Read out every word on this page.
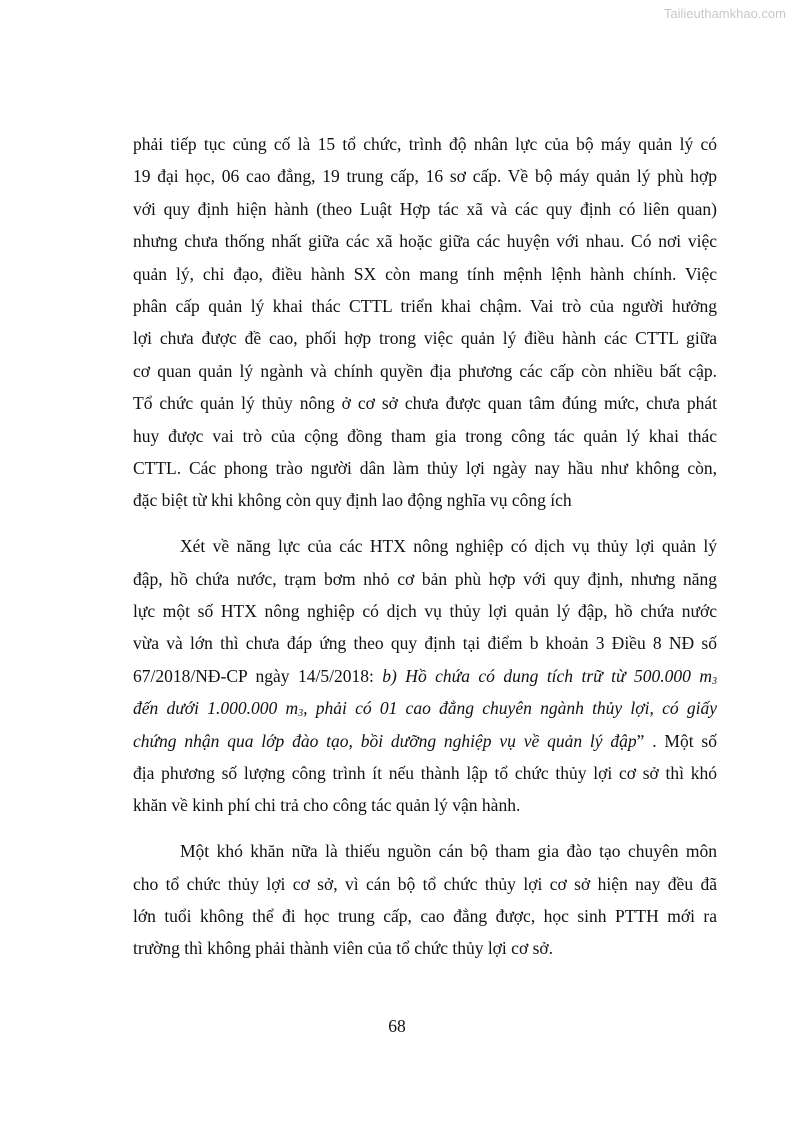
Tailieuthamkhao.com
phải tiếp tục củng cố là 15 tổ chức, trình độ nhân lực của bộ máy quản lý có
19 đại học, 06 cao đẳng, 19 trung cấp, 16 sơ cấp. Về bộ máy quản lý phù hợp
với quy định hiện hành (theo Luật Hợp tác xã và các quy định có liên quan)
nhưng chưa thống nhất giữa các xã hoặc giữa các huyện với nhau. Có nơi việc
quản lý, chỉ đạo, điều hành SX còn mang tính mệnh lệnh hành chính. Việc
phân cấp quản lý khai thác CTTL triển khai chậm. Vai trò của người hưởng
lợi chưa được đề cao, phối hợp trong việc quản lý điều hành các CTTL giữa
cơ quan quản lý ngành và chính quyền địa phương các cấp còn nhiều bất cập.
Tổ chức quản lý thủy nông ở cơ sở chưa được quan tâm đúng mức, chưa phát
huy được vai trò của cộng đồng tham gia trong công tác quản lý khai thác
CTTL. Các phong trào người dân làm thủy lợi ngày nay hầu như không còn,
đặc biệt từ khi không còn quy định lao động nghĩa vụ công ích
Xét về năng lực của các HTX nông nghiệp có dịch vụ thủy lợi quản lý
đập, hồ chứa nước, trạm bơm nhỏ cơ bản phù hợp với quy định, nhưng năng
lực một số HTX nông nghiệp có dịch vụ thủy lợi quản lý đập, hồ chứa nước
vừa và lớn thì chưa đáp ứng theo quy định tại điểm b khoản 3 Điều 8 NĐ số
67/2018/NĐ-CP ngày 14/5/2018: b) Hồ chứa có dung tích trữ từ 500.000 $m_3$
đến dưới 1.000.000 $m_3$, phải có 01 cao đẳng chuyên ngành thủy lợi, có giấy
chứng nhận qua lớp đào tạo, bồi dưỡng nghiệp vụ về quản lý đập” . Một số
địa phương số lượng công trình ít nếu thành lập tổ chức thủy lợi cơ sở thì khó
khăn về kinh phí chi trả cho công tác quản lý vận hành.
Một khó khăn nữa là thiếu nguồn cán bộ tham gia đào tạo chuyên môn
cho tổ chức thủy lợi cơ sở, vì cán bộ tổ chức thủy lợi cơ sở hiện nay đều đã
lớn tuổi không thể đi học trung cấp, cao đẳng được, học sinh PTTH mới ra
trường thì không phải thành viên của tổ chức thủy lợi cơ sở.
68
